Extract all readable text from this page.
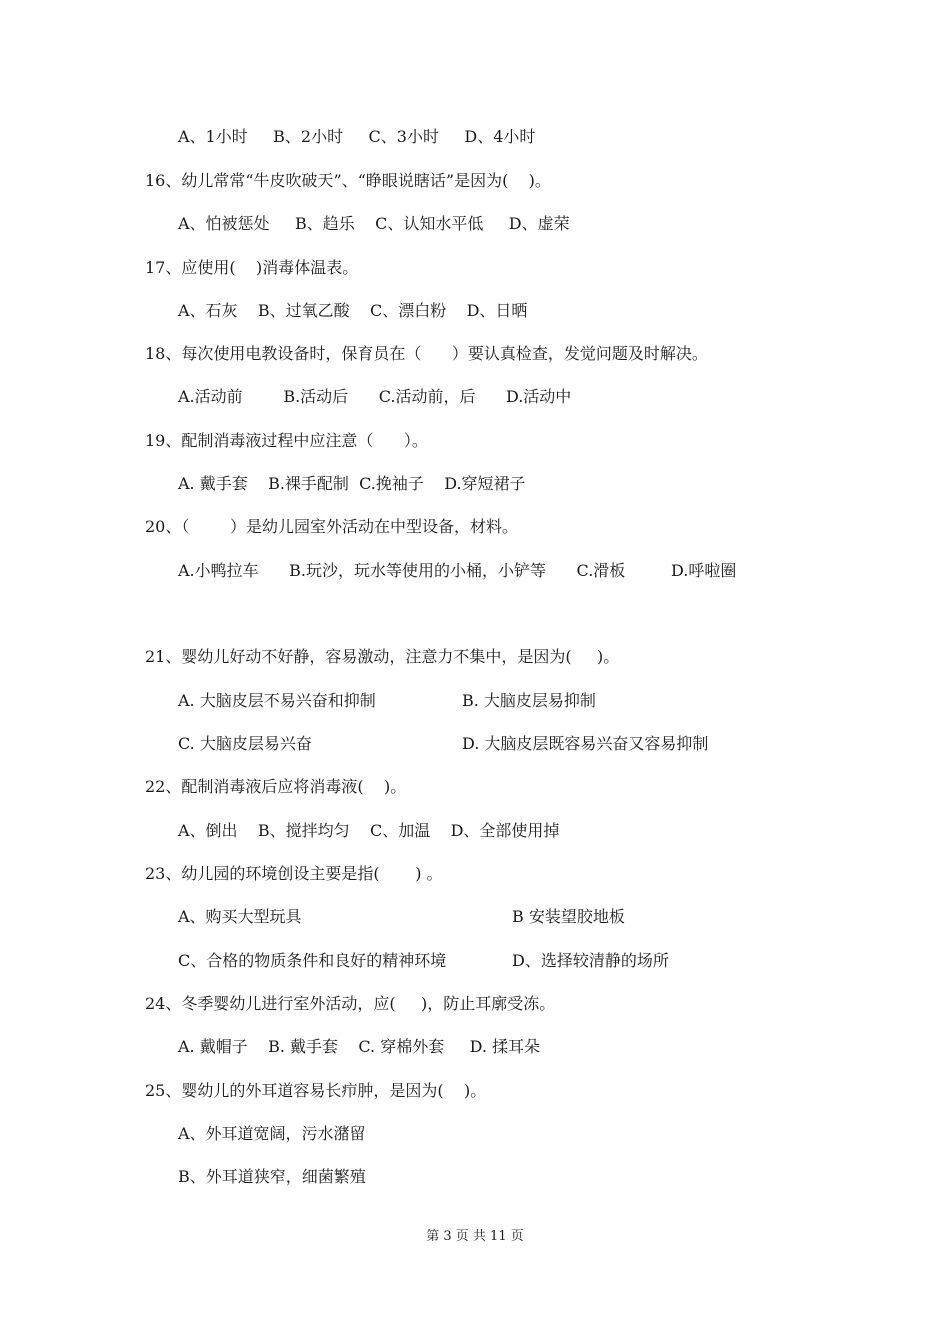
A、1小时     B、2小时     C、3小时     D、4小时
16、幼儿常常“牛皮吹破天”、“睁眼说瞎话”是因为(    )。
A、怕被惩处     B、趋乐    C、认知水平低     D、虚荣
17、应使用(    )消毒体温表。
A、石灰    B、过氧乙酸    C、漂白粉    D、日晒
18、每次使用电教设备时，保育员在（      ）要认真检查，发觉问题及时解决。
A.活动前        B.活动后      C.活动前，后      D.活动中
19、配制消毒液过程中应注意（      ）。
A. 戴手套    B.裸手配制  C.挽袖子    D.穿短裙子
20、（        ）是幼儿园室外活动在中型设备，材料。
A.小鸭拉车      B.玩沙，玩水等使用的小桶，小铲等      C.滑板         D.呼啦圈
21、婴幼儿好动不好静，容易激动，注意力不集中，是因为(     )。
A. 大脑皮层不易兴奋和抑制	B. 大脑皮层易抑制
C. 大脑皮层易兴奋	D. 大脑皮层既容易兴奋又容易抑制
22、配制消毒液后应将消毒液(    )。
A、倒出    B、搅拌均匀    C、加温    D、全部使用掉
23、幼儿园的环境创设主要是指(       ) 。
A、购买大型玩具	B 安装望胶地板
C、合格的物质条件和良好的精神环境	D、选择较清静的场所
24、冬季婴幼儿进行室外活动，应(     )，防止耳廓受冻。
A. 戴帽子    B. 戴手套    C. 穿棉外套     D. 揉耳朵
25、婴幼儿的外耳道容易长疖肿，是因为(    )。
A、外耳道宽阔，污水潴留
B、外耳道狭窄，细菌繁殖
第 3 页 共 11 页
